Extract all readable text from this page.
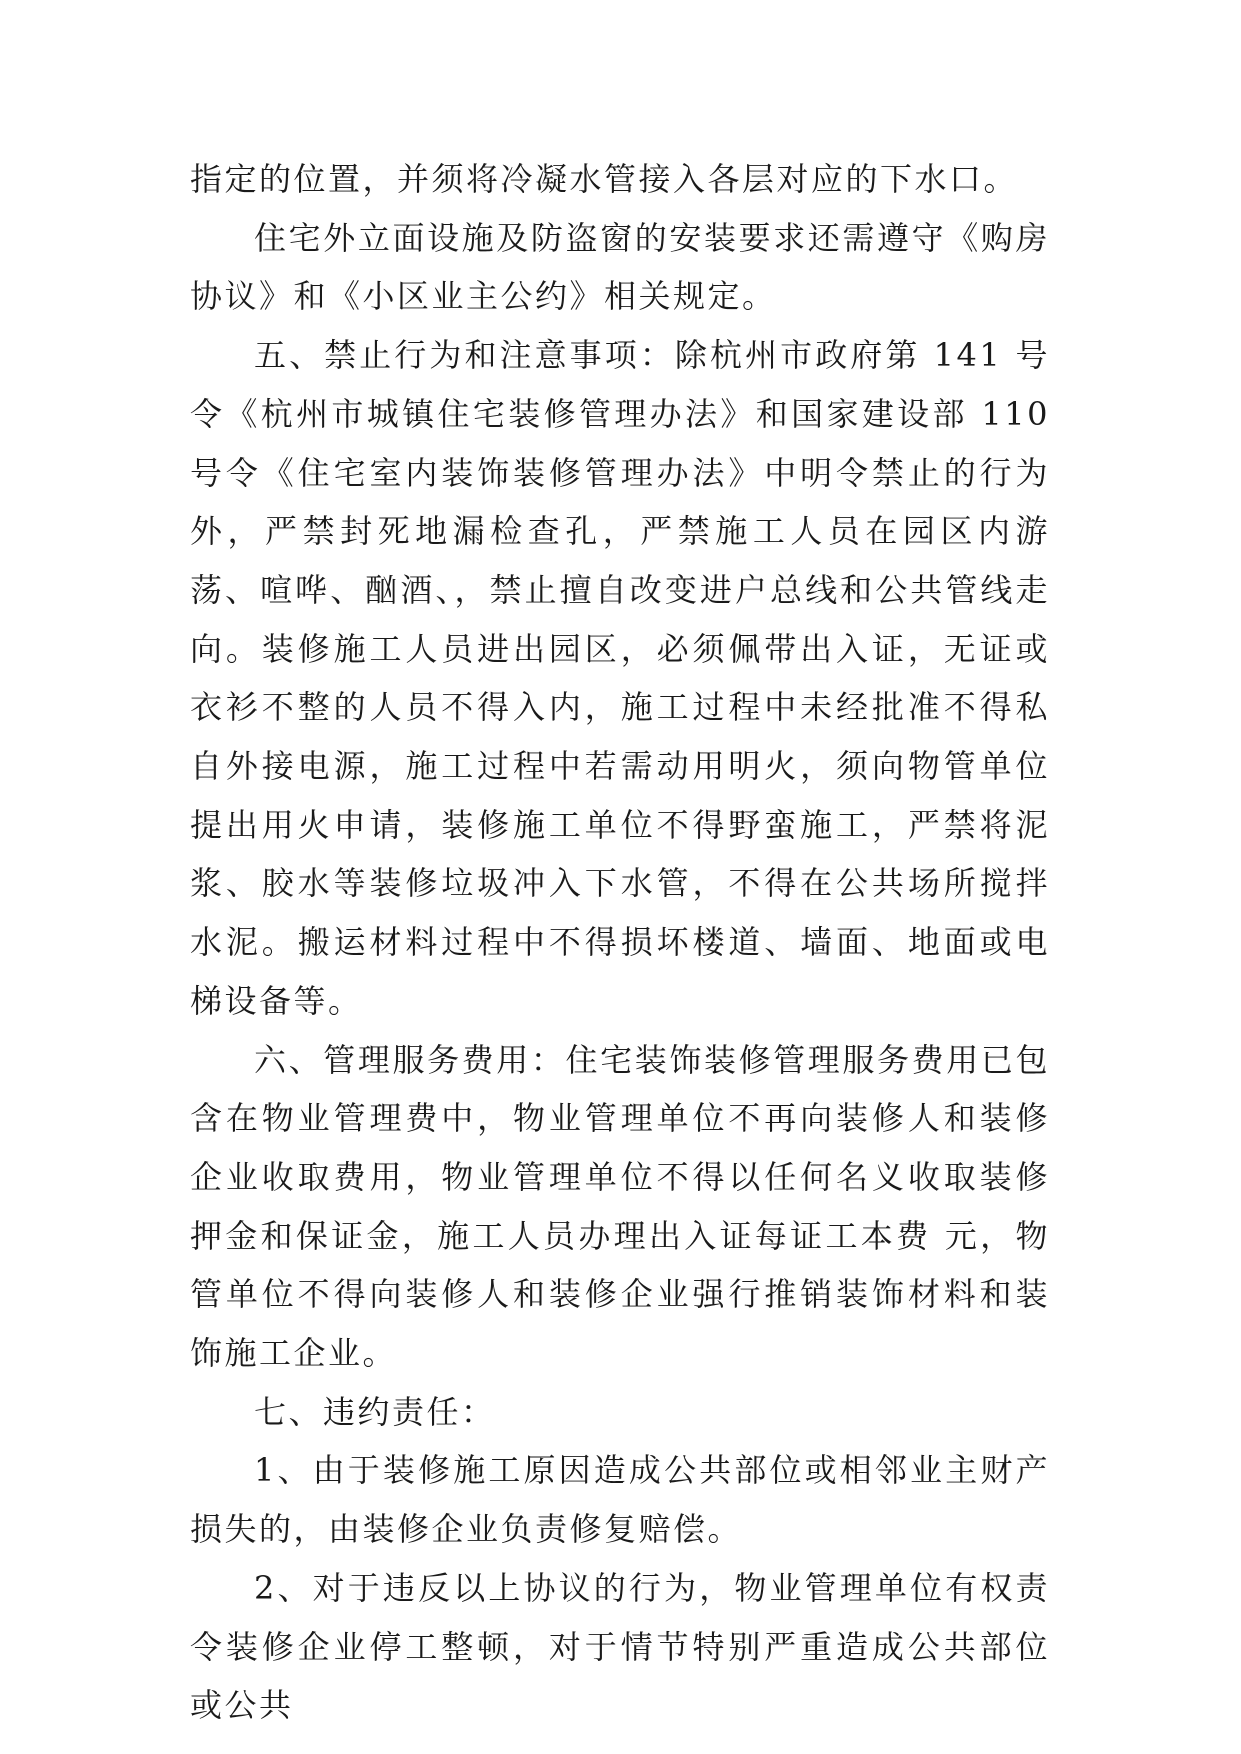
指定的位置，并须将冷凝水管接入各层对应的下水口。

住宅外立面设施及防盗窗的安装要求还需遵守《购房协议》和《小区业主公约》相关规定。

五、禁止行为和注意事项：除杭州市政府第 141 号令《杭州市城镇住宅装修管理办法》和国家建设部 110 号令《住宅室内装饰装修管理办法》中明令禁止的行为外，严禁封死地漏检查孔，严禁施工人员在园区内游荡、喧哗、酗酒、，禁止擅自改变进户总线和公共管线走向。装修施工人员进出园区，必须佩带出入证，无证或衣衫不整的人员不得入内，施工过程中未经批准不得私自外接电源，施工过程中若需动用明火，须向物管单位提出用火申请，装修施工单位不得野蛮施工，严禁将泥浆、胶水等装修垃圾冲入下水管，不得在公共场所搅拌水泥。搬运材料过程中不得损坏楼道、墙面、地面或电梯设备等。

六、管理服务费用：住宅装饰装修管理服务费用已包含在物业管理费中，物业管理单位不再向装修人和装修企业收取费用，物业管理单位不得以任何名义收取装修押金和保证金，施工人员办理出入证每证工本费 元，物管单位不得向装修人和装修企业强行推销装饰材料和装饰施工企业。

七、违约责任：

1、由于装修施工原因造成公共部位或相邻业主财产损失的，由装修企业负责修复赔偿。

2、对于违反以上协议的行为，物业管理单位有权责令装修企业停工整顿，对于情节特别严重造成公共部位或公共
